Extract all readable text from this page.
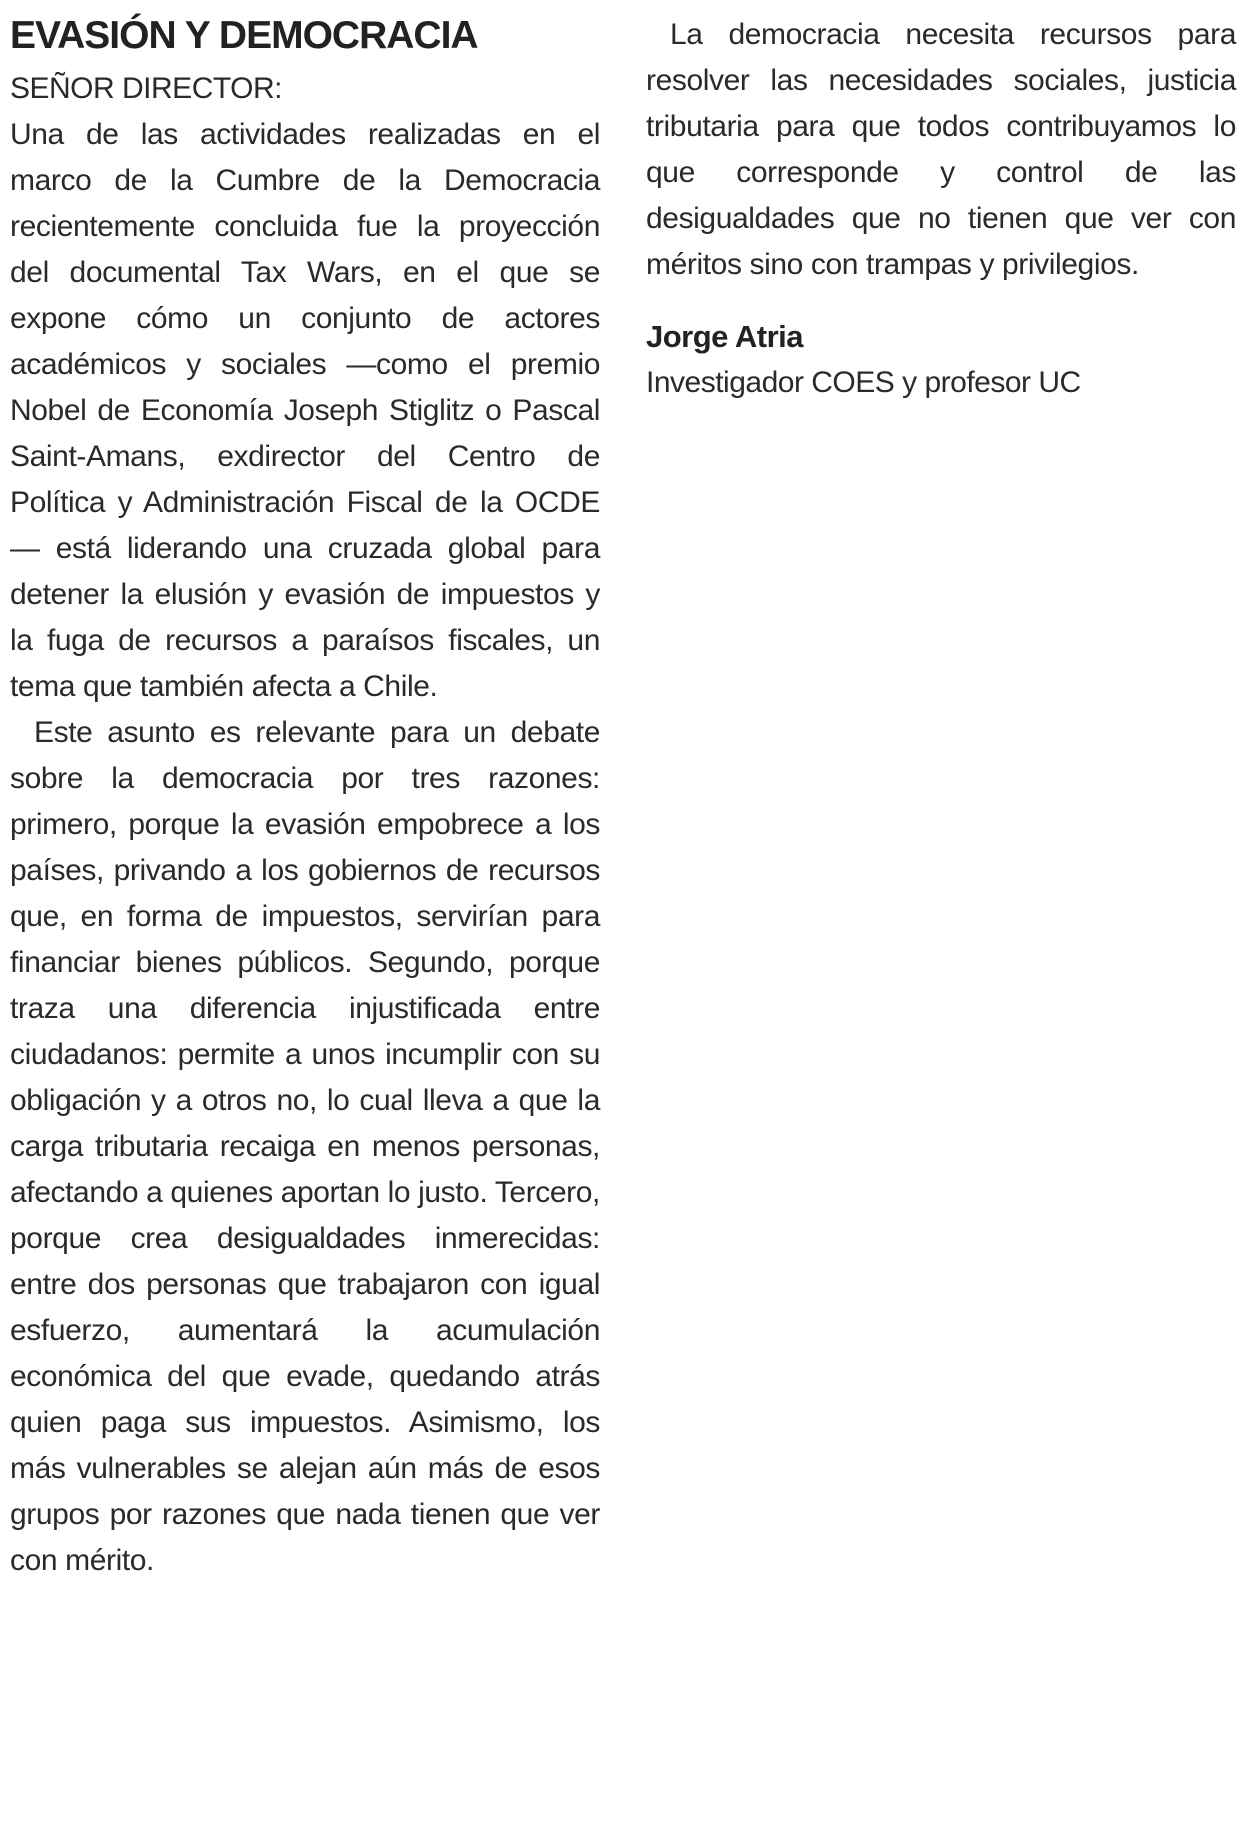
EVASIÓN Y DEMOCRACIA

SEÑOR DIRECTOR:

Una de las actividades realizadas en el marco de la Cumbre de la Democracia recientemente concluida fue la proyección del documental Tax Wars, en el que se expone cómo un conjunto de actores académicos y sociales —como el premio Nobel de Economía Joseph Stiglitz o Pascal Saint-Amans, exdirector del Centro de Política y Administración Fiscal de la OCDE— está liderando una cruzada global para detener la elusión y evasión de impuestos y la fuga de recursos a paraísos fiscales, un tema que también afecta a Chile.

Este asunto es relevante para un debate sobre la democracia por tres razones: primero, porque la evasión empobrece a los países, privando a los gobiernos de recursos que, en forma de impuestos, servirían para financiar bienes públicos. Segundo, porque traza una diferencia injustificada entre ciudadanos: permite a unos incumplir con su obligación y a otros no, lo cual lleva a que la carga tributaria recaiga en menos personas, afectando a quienes aportan lo justo. Tercero, porque crea desigualdades inmerecidas: entre dos personas que trabajaron con igual esfuerzo, aumentará la acumulación económica del que evade, quedando atrás quien paga sus impuestos. Asimismo, los más vulnerables se alejan aún más de esos grupos por razones que nada tienen que ver con mérito.

La democracia necesita recursos para resolver las necesidades sociales, justicia tributaria para que todos contribuyamos lo que corresponde y control de las desigualdades que no tienen que ver con méritos sino con trampas y privilegios.

Jorge Atria

Investigador COES y profesor UC
